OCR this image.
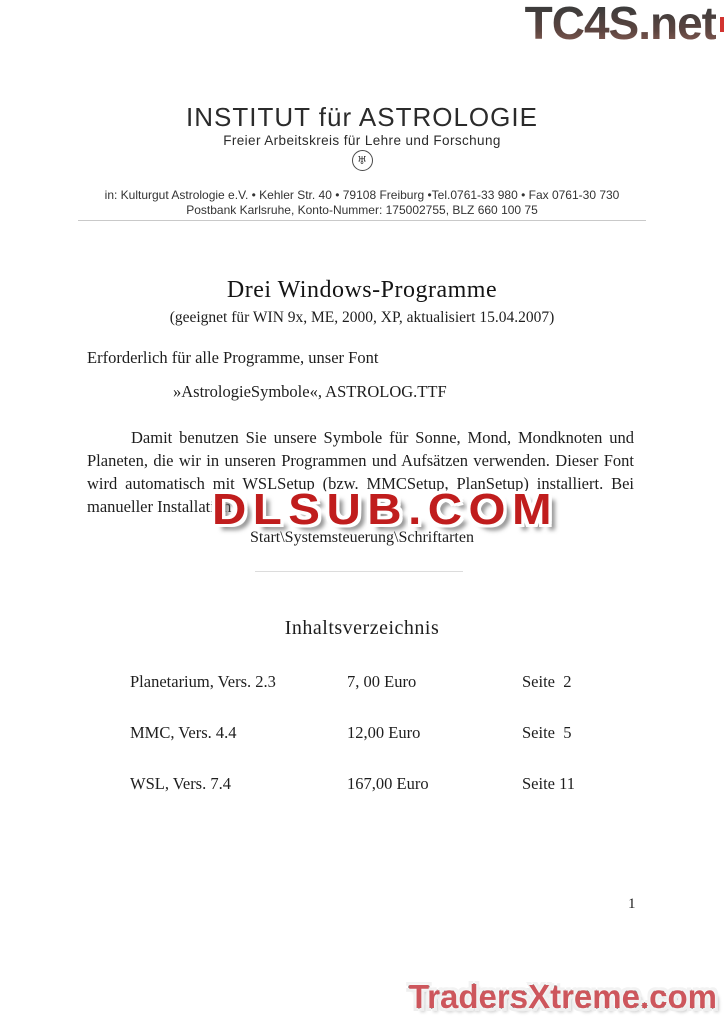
TC4S.net
INSTITUT für ASTROLOGIE
Freier Arbeitskreis für Lehre und Forschung
♅
in: Kulturgut Astrologie e.V. • Kehler Str. 40 • 79108 Freiburg •Tel.0761-33 980 • Fax 0761-30 730
Postbank Karlsruhe, Konto-Nummer: 175002755, BLZ 660 100 75
Drei Windows-Programme
(geeignet für WIN 9x, ME, 2000, XP, aktualisiert 15.04.2007)
Erforderlich für alle Programme, unser Font
»AstrologieSymbole«, ASTROLOG.TTF
Damit benutzen Sie unsere Symbole für Sonne, Mond, Mondknoten und
Planeten, die wir in unseren Programmen und Aufsätzen verwenden. Dieser Font
wird automatisch mit WSLSetup (bzw. MMCSetup, PlanSetup) installiert. Bei
manueller Installation
DLSUB.COM
Start\Systemsteuerung\Schriftarten
Inhaltsverzeichnis
Planetarium, Vers. 2.3	7, 00 Euro	Seite  2
MMC, Vers. 4.4	12,00 Euro	Seite  5
WSL, Vers. 7.4	167,00 Euro	Seite 11
1
TradersXtreme.com
